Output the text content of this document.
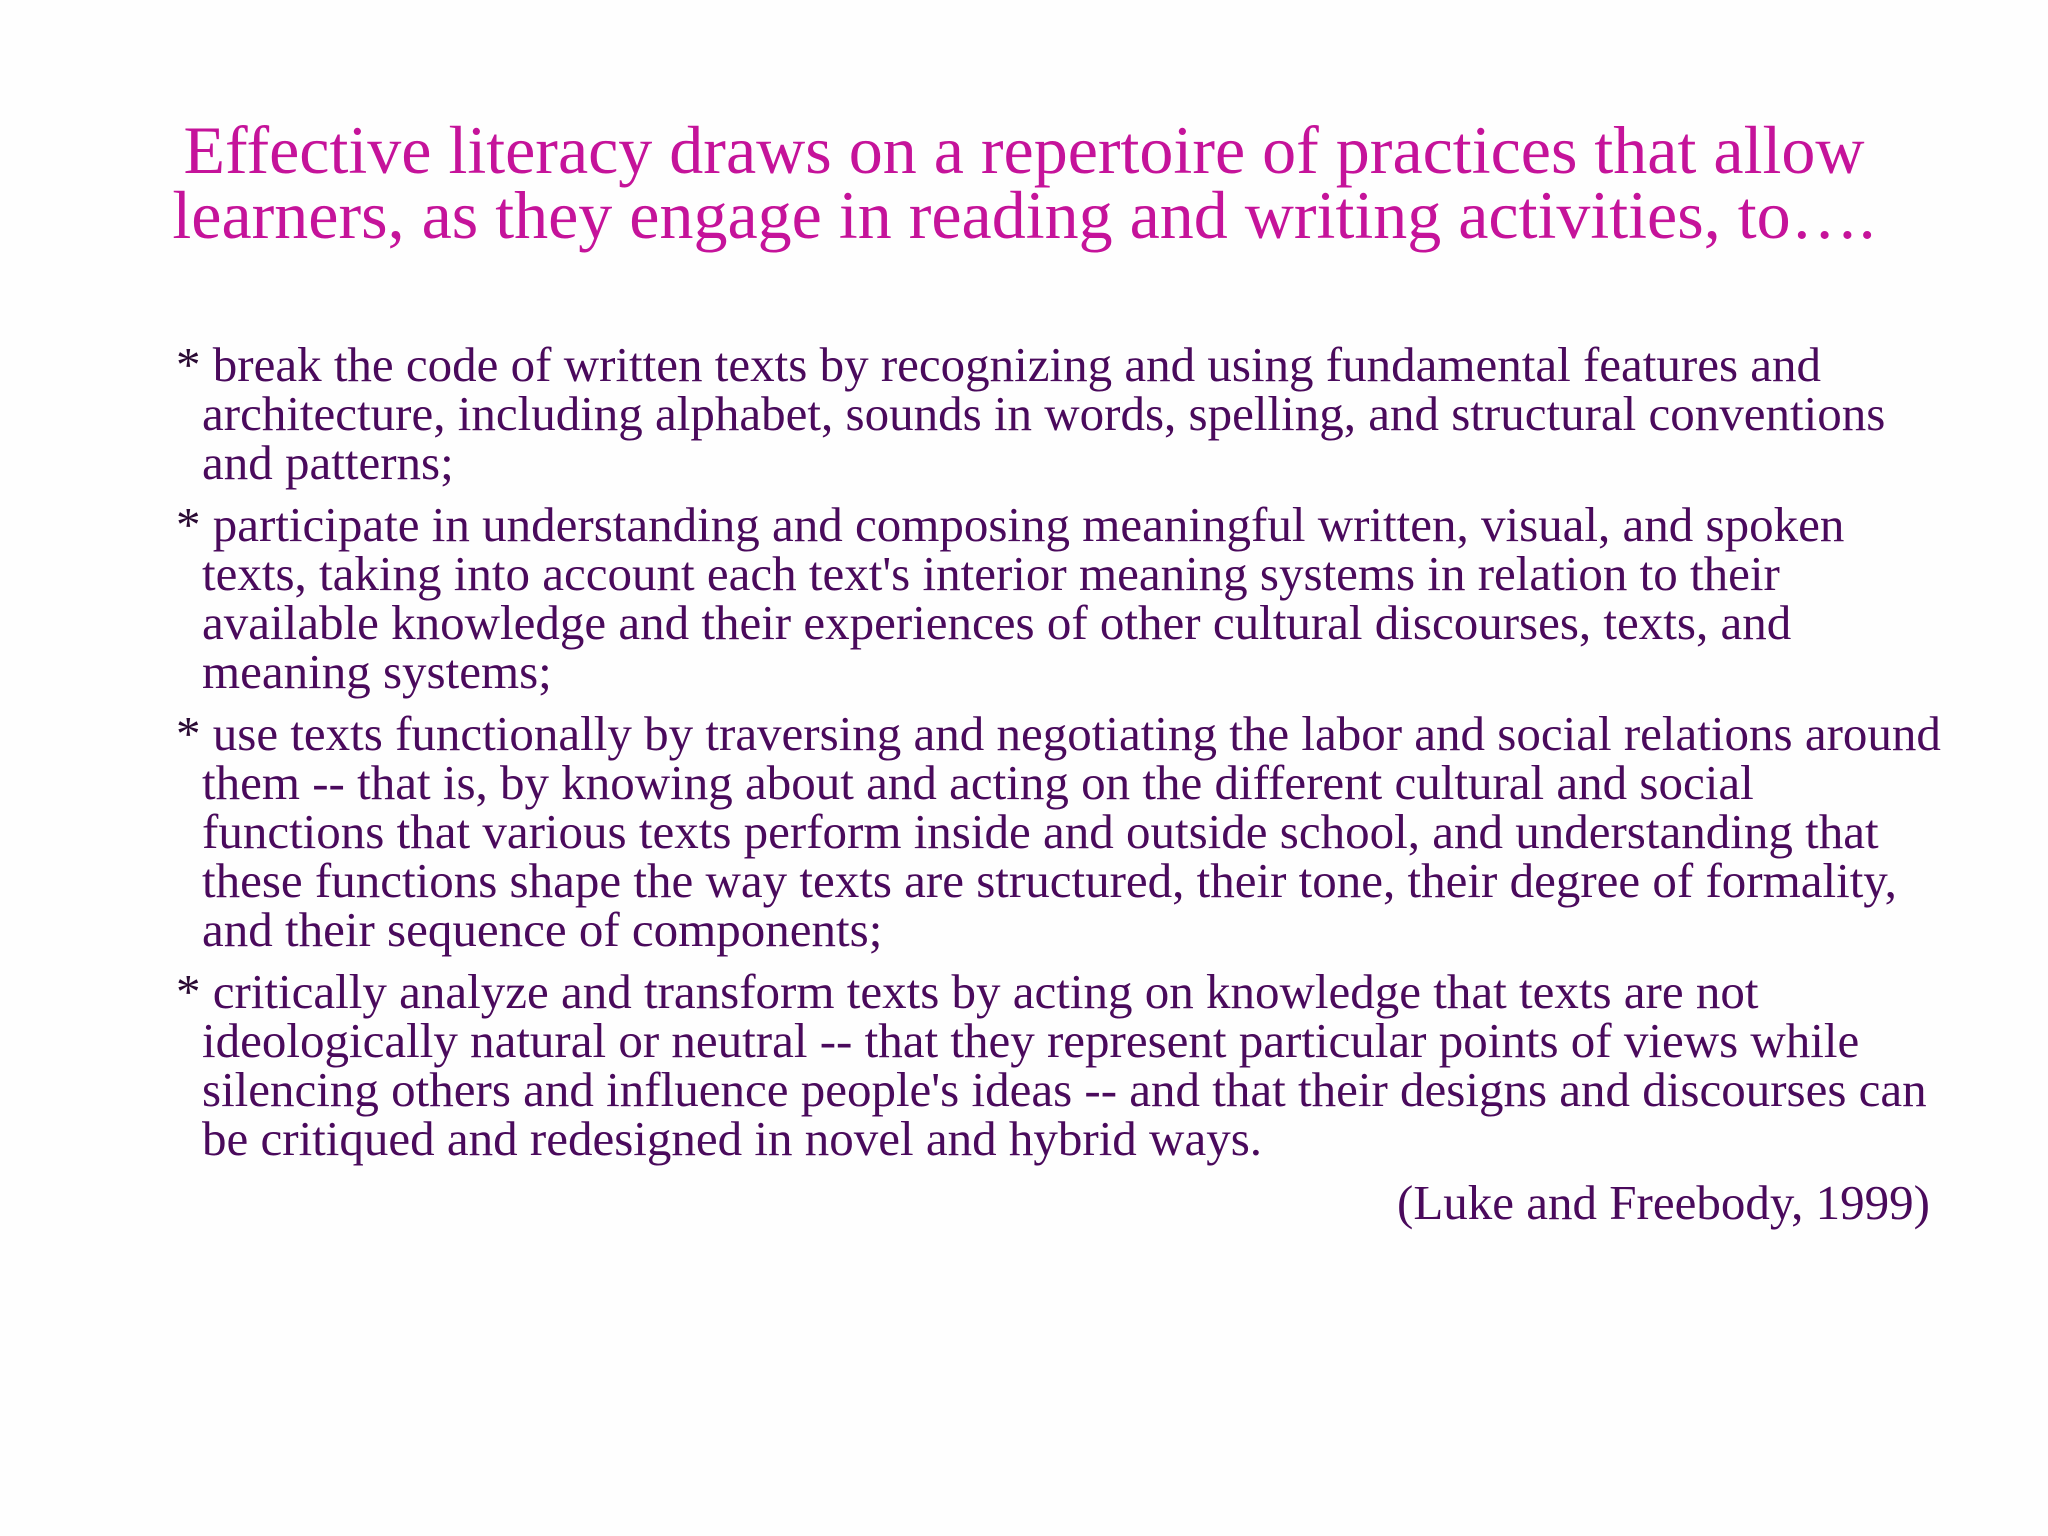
Effective literacy draws on a repertoire of practices that allow learners, as they engage in reading and writing activities, to….
* break the code of written texts by recognizing and using fundamental features and architecture, including alphabet, sounds in words, spelling, and structural conventions and patterns;
* participate in understanding and composing meaningful written, visual, and spoken texts, taking into account each text's interior meaning systems in relation to their available knowledge and their experiences of other cultural discourses, texts, and meaning systems;
* use texts functionally by traversing and negotiating the labor and social relations around them -- that is, by knowing about and acting on the different cultural and social functions that various texts perform inside and outside school, and understanding that these functions shape the way texts are structured, their tone, their degree of formality, and their sequence of components;
* critically analyze and transform texts by acting on knowledge that texts are not ideologically natural or neutral -- that they represent particular points of views while silencing others and influence people's ideas -- and that their designs and discourses can be critiqued and redesigned in novel and hybrid ways.
(Luke and Freebody, 1999)
